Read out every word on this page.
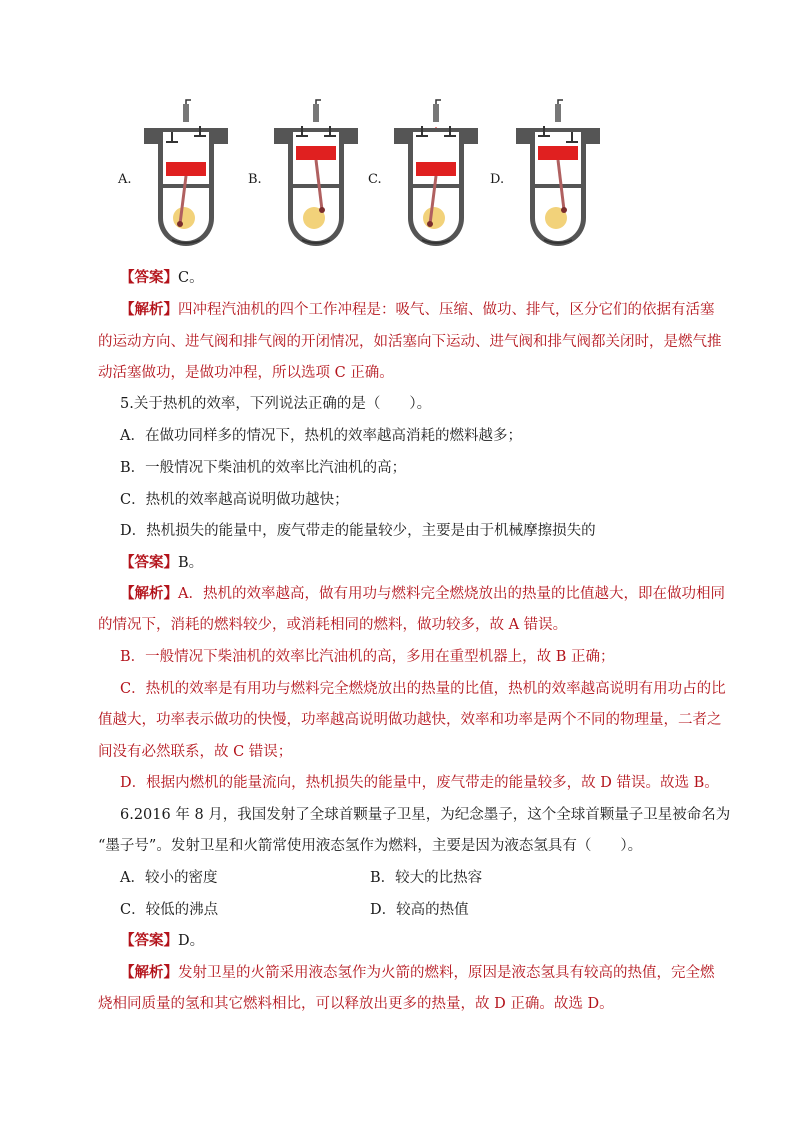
A.	B.	C.	D.
【答案】C。
【解析】四冲程汽油机的四个工作冲程是：吸气、压缩、做功、排气，区分它们的依据有活塞
的运动方向、进气阀和排气阀的开闭情况，如活塞向下运动、进气阀和排气阀都关闭时，是燃气推
动活塞做功，是做功冲程，所以选项 C 正确。
5.关于热机的效率，下列说法正确的是（　　）。
A．在做功同样多的情况下，热机的效率越高消耗的燃料越多；
B．一般情况下柴油机的效率比汽油机的高；
C．热机的效率越高说明做功越快；
D．热机损失的能量中，废气带走的能量较少，主要是由于机械摩擦损失的
【答案】B。
【解析】A．热机的效率越高，做有用功与燃料完全燃烧放出的热量的比值越大，即在做功相同
的情况下，消耗的燃料较少，或消耗相同的燃料，做功较多，故 A 错误。
B．一般情况下柴油机的效率比汽油机的高，多用在重型机器上，故 B 正确；
C．热机的效率是有用功与燃料完全燃烧放出的热量的比值，热机的效率越高说明有用功占的比
值越大，功率表示做功的快慢，功率越高说明做功越快，效率和功率是两个不同的物理量，二者之
间没有必然联系，故 C 错误；
D．根据内燃机的能量流向，热机损失的能量中，废气带走的能量较多，故 D 错误。故选 B。
6.2016 年 8 月，我国发射了全球首颗量子卫星，为纪念墨子，这个全球首颗量子卫星被命名为
“墨子号”。发射卫星和火箭常使用液态氢作为燃料，主要是因为液态氢具有（　　）。
A．较小的密度	B．较大的比热容
C．较低的沸点	D．较高的热值
【答案】D。
【解析】发射卫星的火箭采用液态氢作为火箭的燃料，原因是液态氢具有较高的热值，完全燃
烧相同质量的氢和其它燃料相比，可以释放出更多的热量，故 D 正确。故选 D。
